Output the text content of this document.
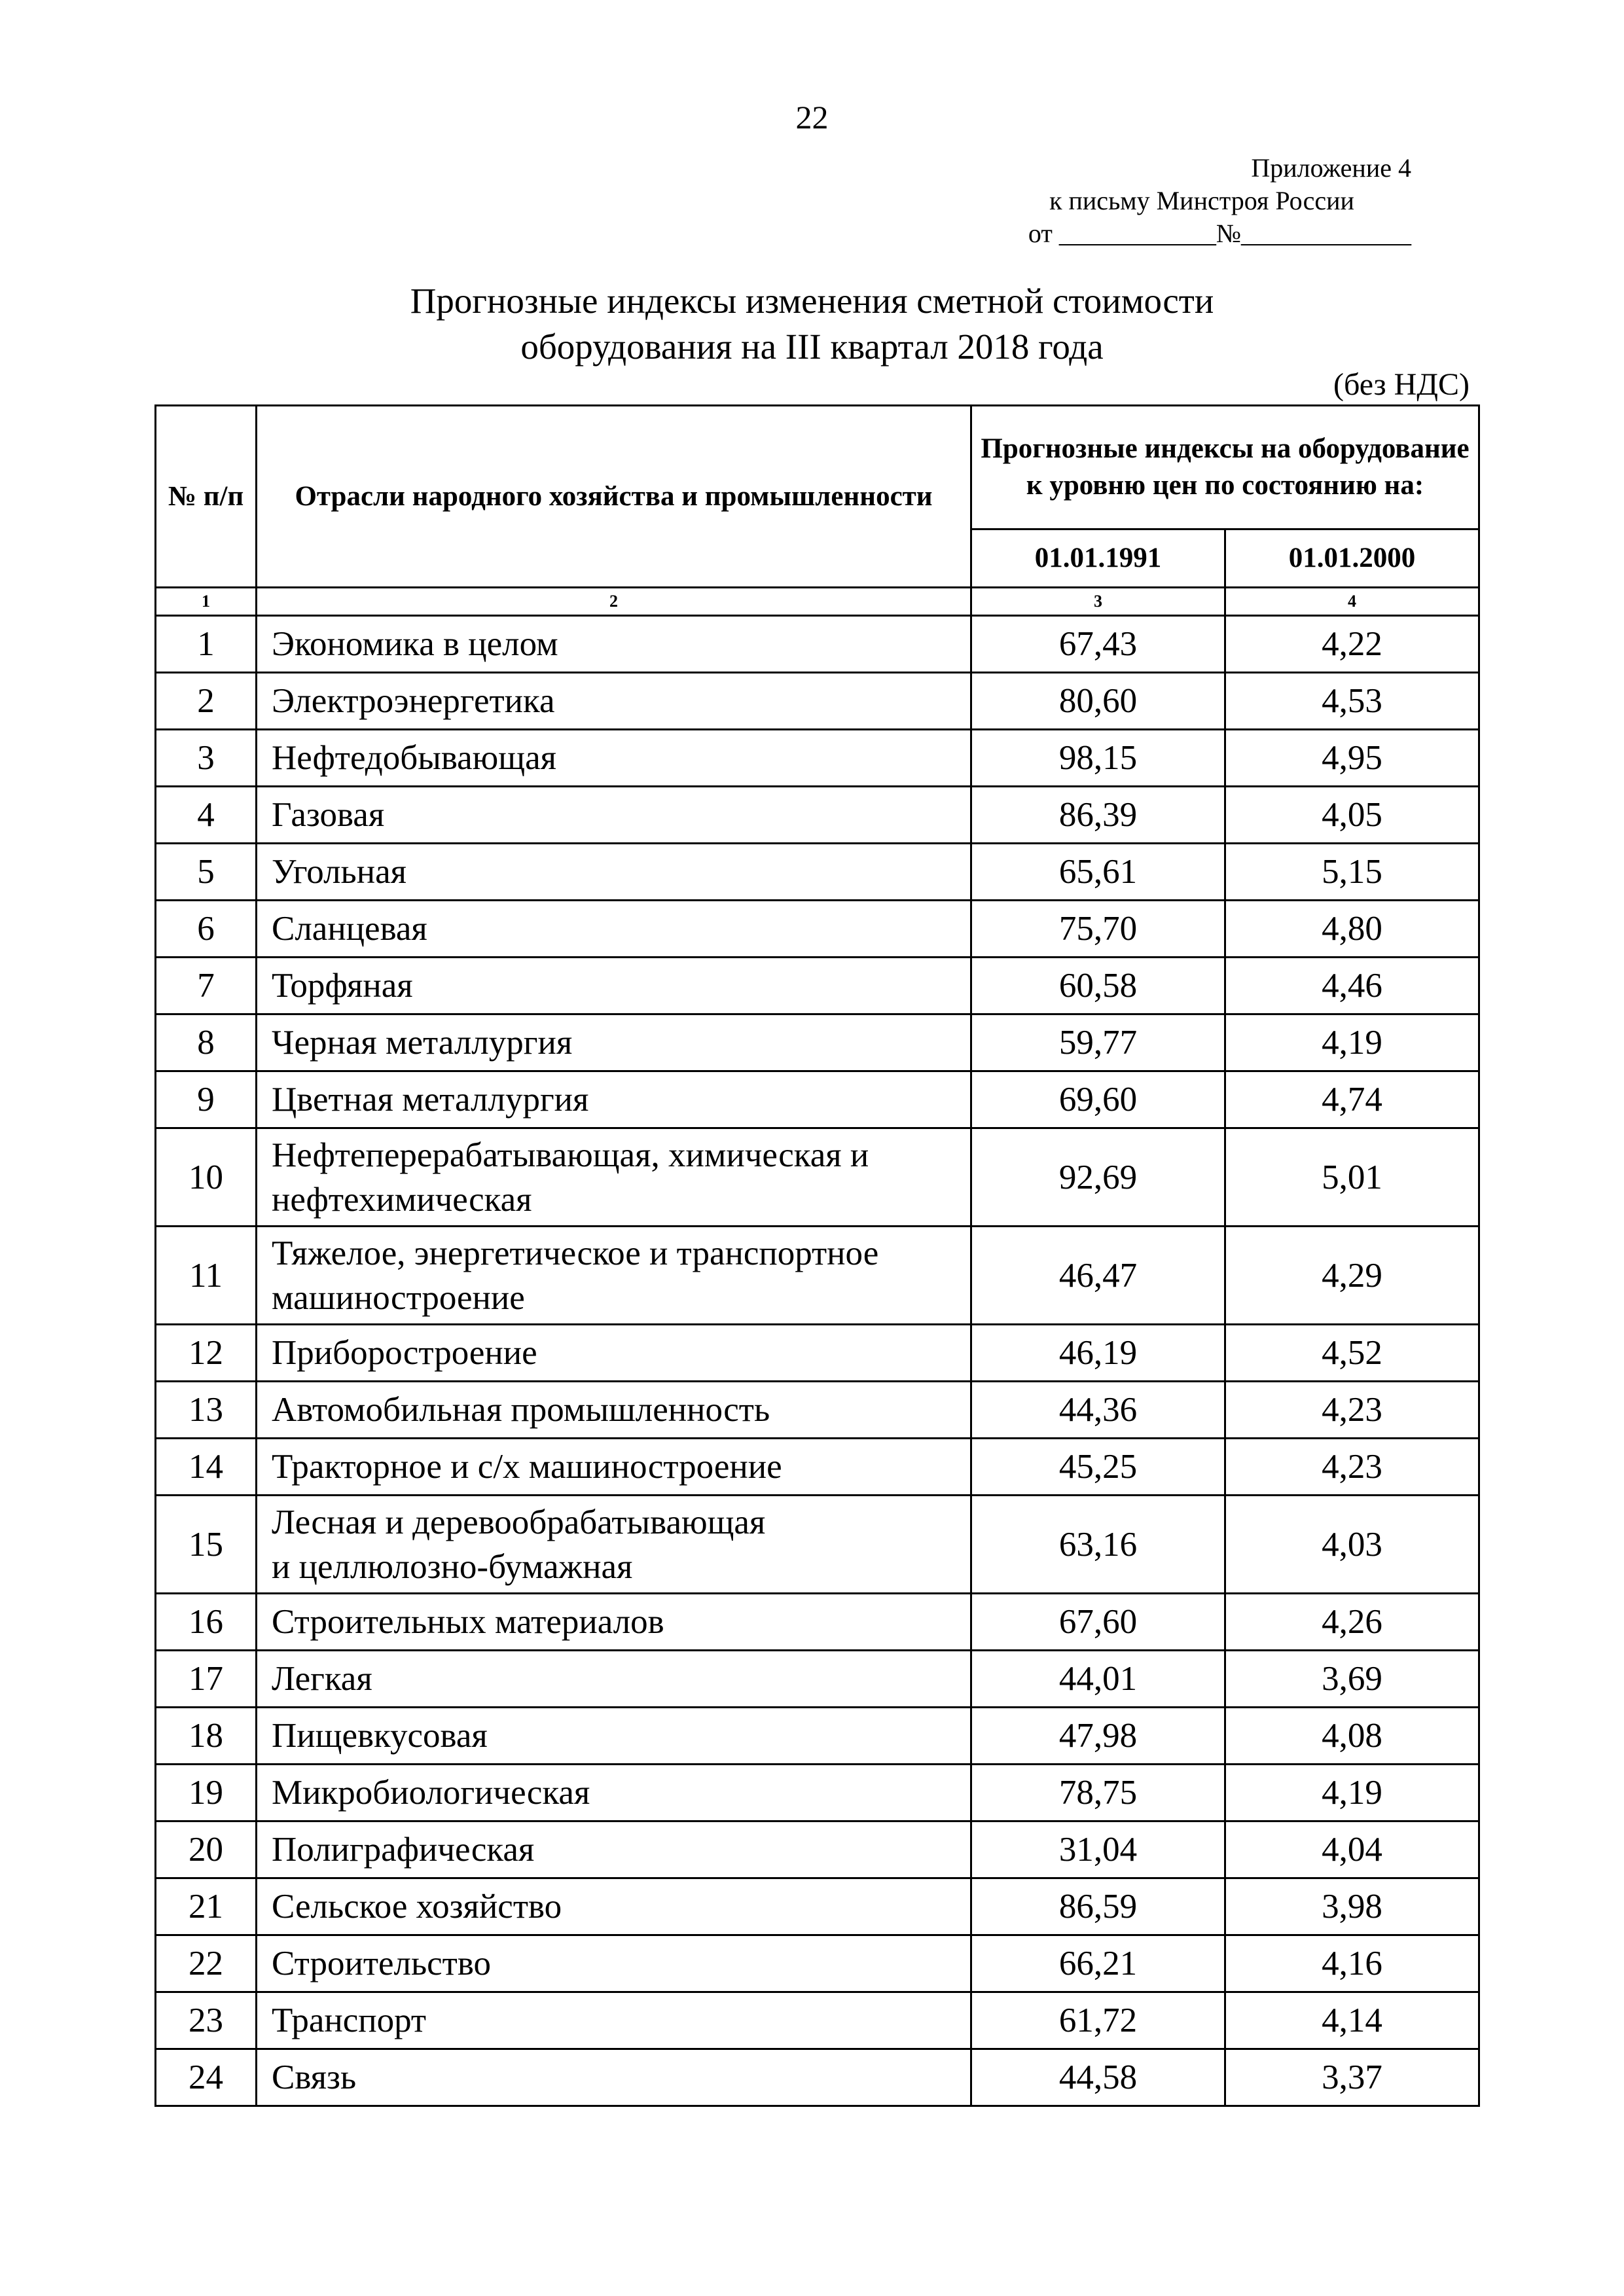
22
Приложение 4
к письму Минстроя России
от ____________№_____________
Прогнозные индексы изменения сметной стоимости
оборудования на III квартал 2018 года
(без НДС)
№ п/п	Отрасли народного хозяйства и промышленности	Прогнозные индексы на оборудование к уровню цен по состоянию на:	
		01.01.1991	01.01.2000
1	2	3	4
1	Экономика в целом	67,43	4,22
2	Электроэнергетика	80,60	4,53
3	Нефтедобывающая	98,15	4,95
4	Газовая	86,39	4,05
5	Угольная	65,61	5,15
6	Сланцевая	75,70	4,80
7	Торфяная	60,58	4,46
8	Черная металлургия	59,77	4,19
9	Цветная металлургия	69,60	4,74
10	Нефтеперерабатывающая, химическая и
нефтехимическая	92,69	5,01
11	Тяжелое, энергетическое и транспортное
машиностроение	46,47	4,29
12	Приборостроение	46,19	4,52
13	Автомобильная промышленность	44,36	4,23
14	Тракторное и с/х машиностроение	45,25	4,23
15	Лесная и деревообрабатывающая
и целлюлозно-бумажная	63,16	4,03
16	Строительных материалов	67,60	4,26
17	Легкая	44,01	3,69
18	Пищевкусовая	47,98	4,08
19	Микробиологическая	78,75	4,19
20	Полиграфическая	31,04	4,04
21	Сельское хозяйство	86,59	3,98
22	Строительство	66,21	4,16
23	Транспорт	61,72	4,14
24	Связь	44,58	3,37
